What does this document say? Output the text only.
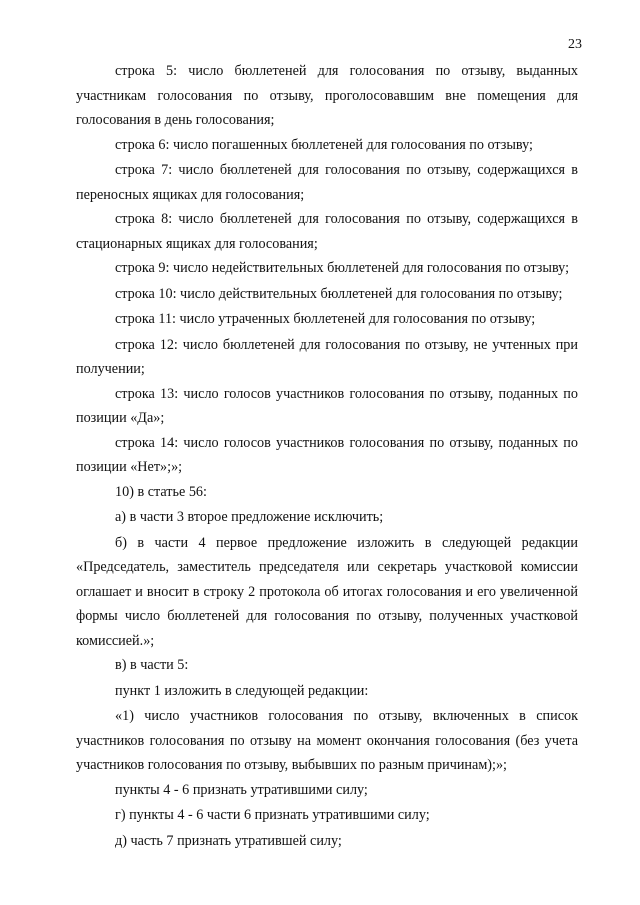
23

строка 5: число бюллетеней для голосования по отзыву, выданных участникам голосования по отзыву, проголосовавшим вне помещения для голосования в день голосования;

строка 6: число погашенных бюллетеней для голосования по отзыву;

строка 7: число бюллетеней для голосования по отзыву, содержащихся в переносных ящиках для голосования;

строка 8: число бюллетеней для голосования по отзыву, содержащихся в стационарных ящиках для голосования;

строка 9: число недействительных бюллетеней для голосования по отзыву;

строка 10: число действительных бюллетеней для голосования по отзыву;

строка 11: число утраченных бюллетеней для голосования по отзыву;

строка 12: число бюллетеней для голосования по отзыву, не учтенных при получении;

строка 13: число голосов участников голосования по отзыву, поданных по позиции «Да»;

строка 14: число голосов участников голосования по отзыву, поданных по позиции «Нет»;»;

10) в статье 56:

а) в части 3 второе предложение исключить;

б) в части 4 первое предложение изложить в следующей редакции «Председатель, заместитель председателя или секретарь участковой комиссии оглашает и вносит в строку 2 протокола об итогах голосования и его увеличенной формы число бюллетеней для голосования по отзыву, полученных участковой комиссией.»;

в) в части 5:

пункт 1 изложить в следующей редакции:

«1) число участников голосования по отзыву, включенных в список участников голосования по отзыву на момент окончания голосования (без учета участников голосования по отзыву, выбывших по разным причинам);»;

пункты 4 - 6 признать утратившими силу;

г) пункты 4 - 6 части 6 признать утратившими силу;

д) часть 7 признать утратившей силу;
